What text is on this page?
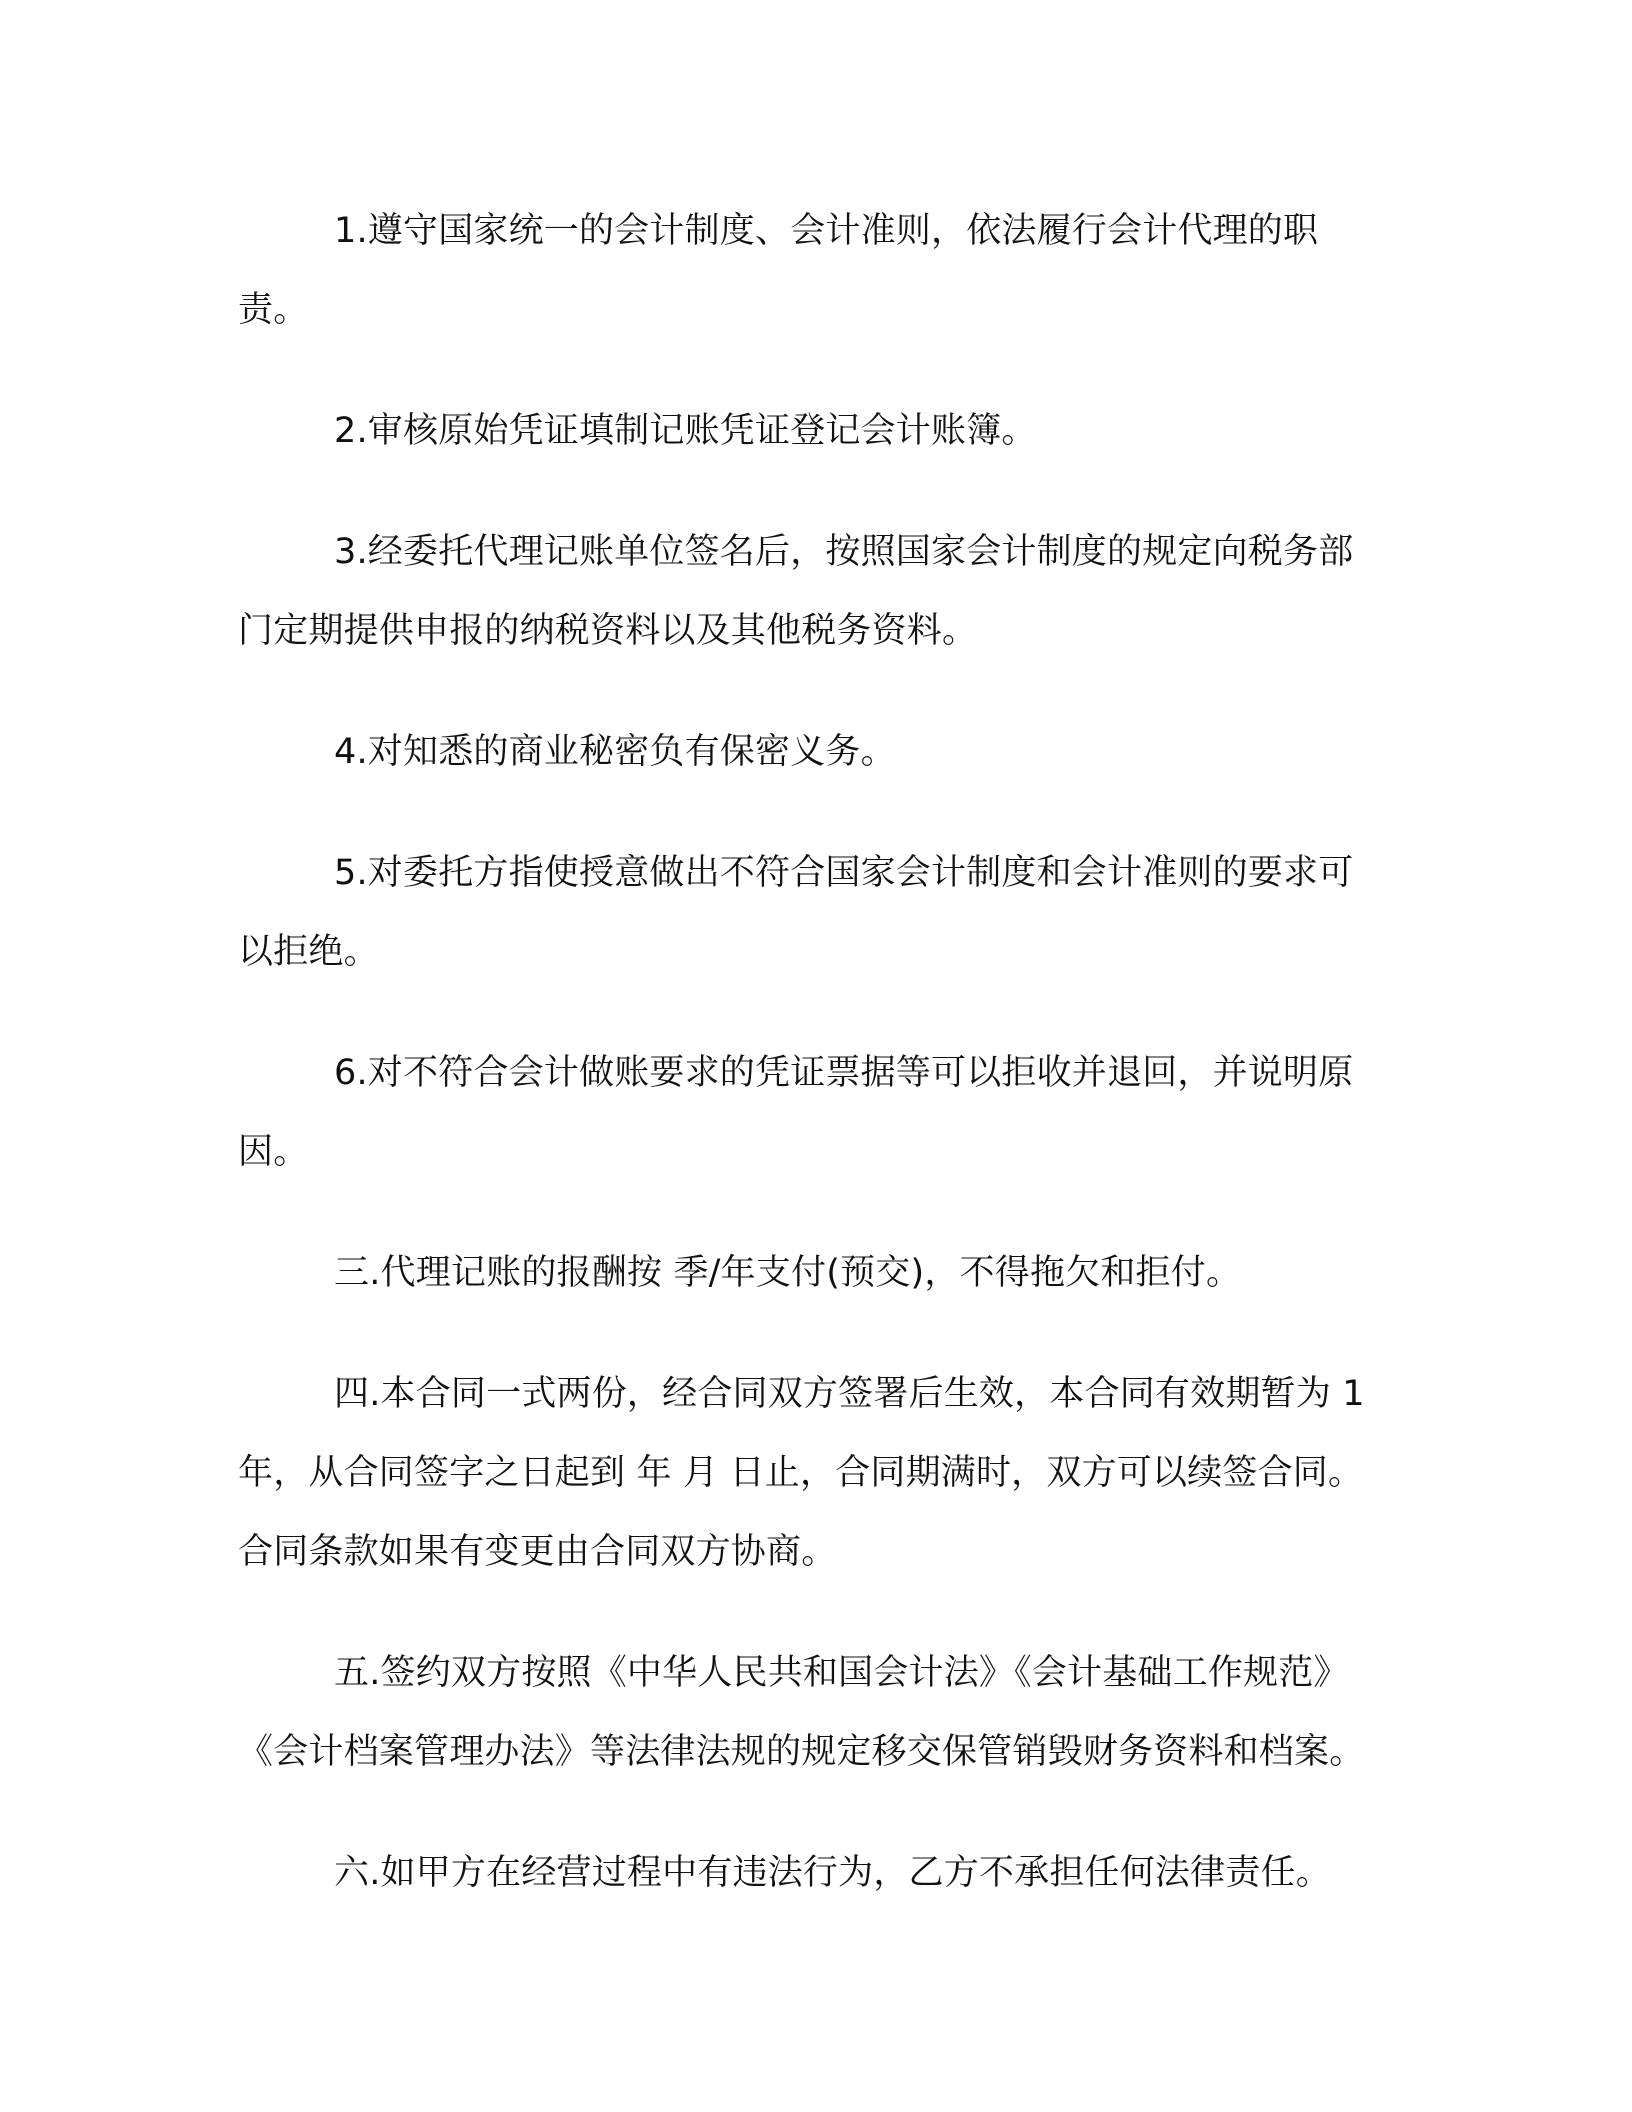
1.遵守国家统一的会计制度、会计准则，依法履行会计代理的职责。

2.审核原始凭证填制记账凭证登记会计账簿。

3.经委托代理记账单位签名后，按照国家会计制度的规定向税务部门定期提供申报的纳税资料以及其他税务资料。

4.对知悉的商业秘密负有保密义务。

5.对委托方指使授意做出不符合国家会计制度和会计准则的要求可以拒绝。

6.对不符合会计做账要求的凭证票据等可以拒收并退回，并说明原因。

三.代理记账的报酬按 季/年支付(预交)，不得拖欠和拒付。

四.本合同一式两份，经合同双方签署后生效，本合同有效期暂为 1 年，从合同签字之日起到 年 月 日止，合同期满时，双方可以续签合同。合同条款如果有变更由合同双方协商。

五.签约双方按照《中华人民共和国会计法》《会计基础工作规范》《会计档案管理办法》等法律法规的规定移交保管销毁财务资料和档案。

六.如甲方在经营过程中有违法行为，乙方不承担任何法律责任。
